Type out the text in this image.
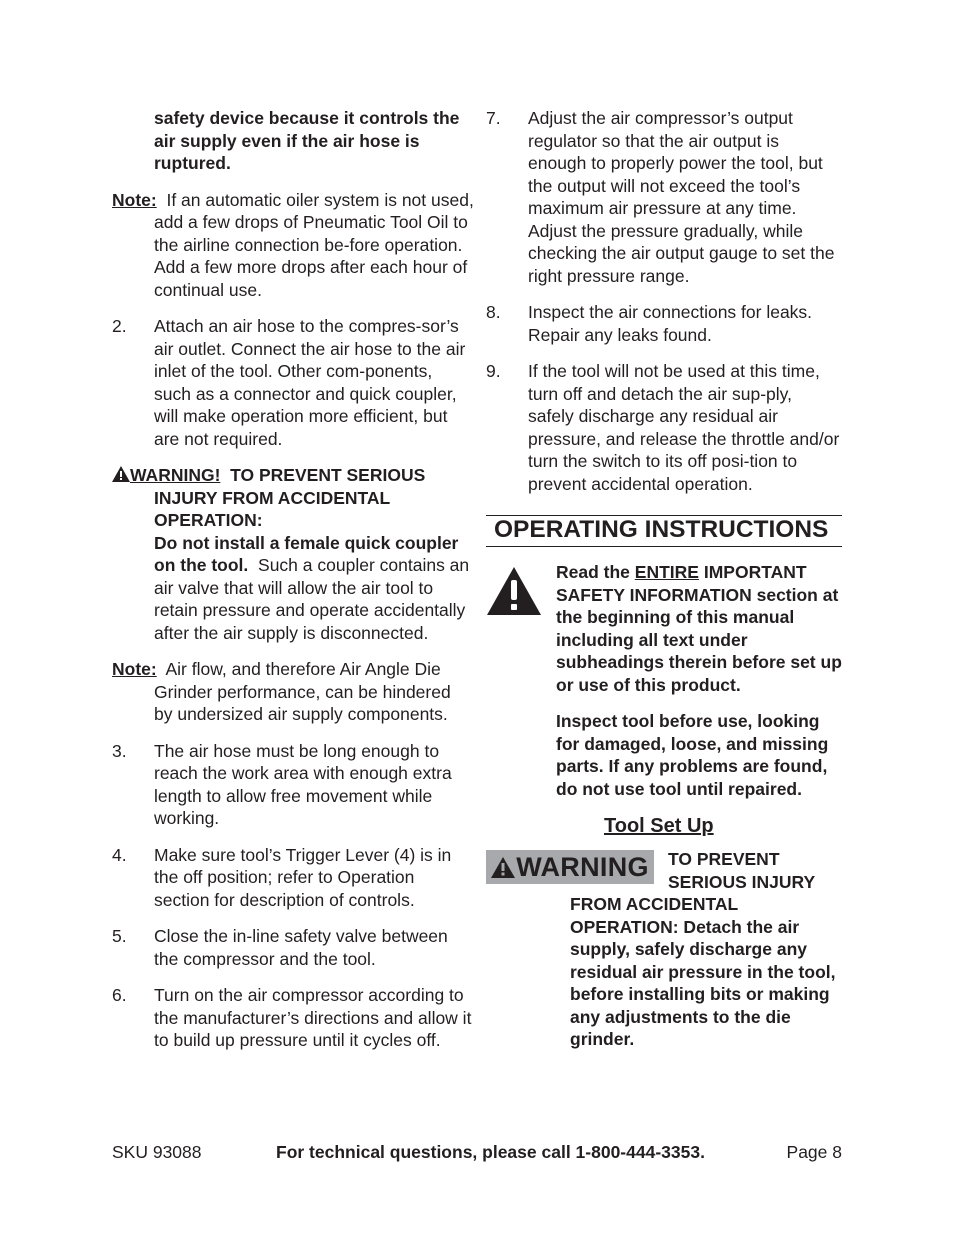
safety device because it controls the air supply even if the air hose is ruptured.
Note: If an automatic oiler system is not used, add a few drops of Pneumatic Tool Oil to the airline connection be-fore operation. Add a few more drops after each hour of continual use.
2. Attach an air hose to the compres-sor’s air outlet. Connect the air hose to the air inlet of the tool. Other com-ponents, such as a connector and quick coupler, will make operation more efficient, but are not required.
WARNING! TO PREVENT SERIOUS INJURY FROM ACCIDENTAL OPERATION:
Do not install a female quick coupler on the tool. Such a coupler contains an air valve that will allow the air tool to retain pressure and operate accidentally after the air supply is disconnected.
Note: Air flow, and therefore Air Angle Die Grinder performance, can be hindered by undersized air supply components.
3. The air hose must be long enough to reach the work area with enough extra length to allow free movement while working.
4. Make sure tool’s Trigger Lever (4) is in the off position; refer to Operation section for description of controls.
5. Close the in-line safety valve between the compressor and the tool.
6. Turn on the air compressor according to the manufacturer’s directions and allow it to build up pressure until it cycles off.
7. Adjust the air compressor’s output regulator so that the air output is enough to properly power the tool, but the output will not exceed the tool’s maximum air pressure at any time. Adjust the pressure gradually, while checking the air output gauge to set the right pressure range.
8. Inspect the air connections for leaks. Repair any leaks found.
9. If the tool will not be used at this time, turn off and detach the air sup-ply, safely discharge any residual air pressure, and release the throttle and/or turn the switch to its off posi-tion to prevent accidental operation.
OPERATING INSTRUCTIONS
Read the ENTIRE IMPORTANT SAFETY INFORMATION section at the beginning of this manual including all text under subheadings therein before set up or use of this product.
Inspect tool before use, looking for damaged, loose, and missing parts. If any problems are found, do not use tool until repaired.
Tool Set Up
WARNING	TO PREVENT SERIOUS INJURY
FROM ACCIDENTAL OPERATION: Detach the air supply, safely discharge any residual air pressure in the tool, before installing bits or making any adjustments to the die grinder.
SKU 93088	For technical questions, please call 1-800-444-3353.	Page 8
